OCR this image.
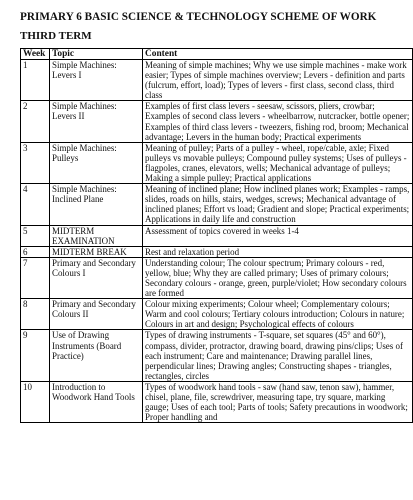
PRIMARY 6 BASIC SCIENCE & TECHNOLOGY SCHEME OF WORK
THIRD TERM
Week	Topic	Content
1	Simple Machines: Levers I	Meaning of simple machines; Why we use simple machines - make work easier; Types of simple machines overview; Levers - definition and parts (fulcrum, effort, load); Types of levers - first class, second class, third class
2	Simple Machines: Levers II	Examples of first class levers - seesaw, scissors, pliers, crowbar; Examples of second class levers - wheelbarrow, nutcracker, bottle opener; Examples of third class levers - tweezers, fishing rod, broom; Mechanical advantage; Levers in the human body; Practical experiments
3	Simple Machines: Pulleys	Meaning of pulley; Parts of a pulley - wheel, rope/cable, axle; Fixed pulleys vs movable pulleys; Compound pulley systems; Uses of pulleys - flagpoles, cranes, elevators, wells; Mechanical advantage of pulleys; Making a simple pulley; Practical applications
4	Simple Machines: Inclined Plane	Meaning of inclined plane; How inclined planes work; Examples - ramps, slides, roads on hills, stairs, wedges, screws; Mechanical advantage of inclined planes; Effort vs load; Gradient and slope; Practical experiments; Applications in daily life and construction
5	MIDTERM EXAMINATION	Assessment of topics covered in weeks 1-4
6	MIDTERM BREAK	Rest and relaxation period
7	Primary and Secondary Colours I	Understanding colour; The colour spectrum; Primary colours - red, yellow, blue; Why they are called primary; Uses of primary colours; Secondary colours - orange, green, purple/violet; How secondary colours are formed
8	Primary and Secondary Colours II	Colour mixing experiments; Colour wheel; Complementary colours; Warm and cool colours; Tertiary colours introduction; Colours in nature; Colours in art and design; Psychological effects of colours
9	Use of Drawing Instruments (Board Practice)	Types of drawing instruments - T-square, set squares (45° and 60°), compass, divider, protractor, drawing board, drawing pins/clips; Uses of each instrument; Care and maintenance; Drawing parallel lines, perpendicular lines; Drawing angles; Constructing shapes - triangles, rectangles, circles
10	Introduction to Woodwork Hand Tools	Types of woodwork hand tools - saw (hand saw, tenon saw), hammer, chisel, plane, file, screwdriver, measuring tape, try square, marking gauge; Uses of each tool; Parts of tools; Safety precautions in woodwork; Proper handling and
